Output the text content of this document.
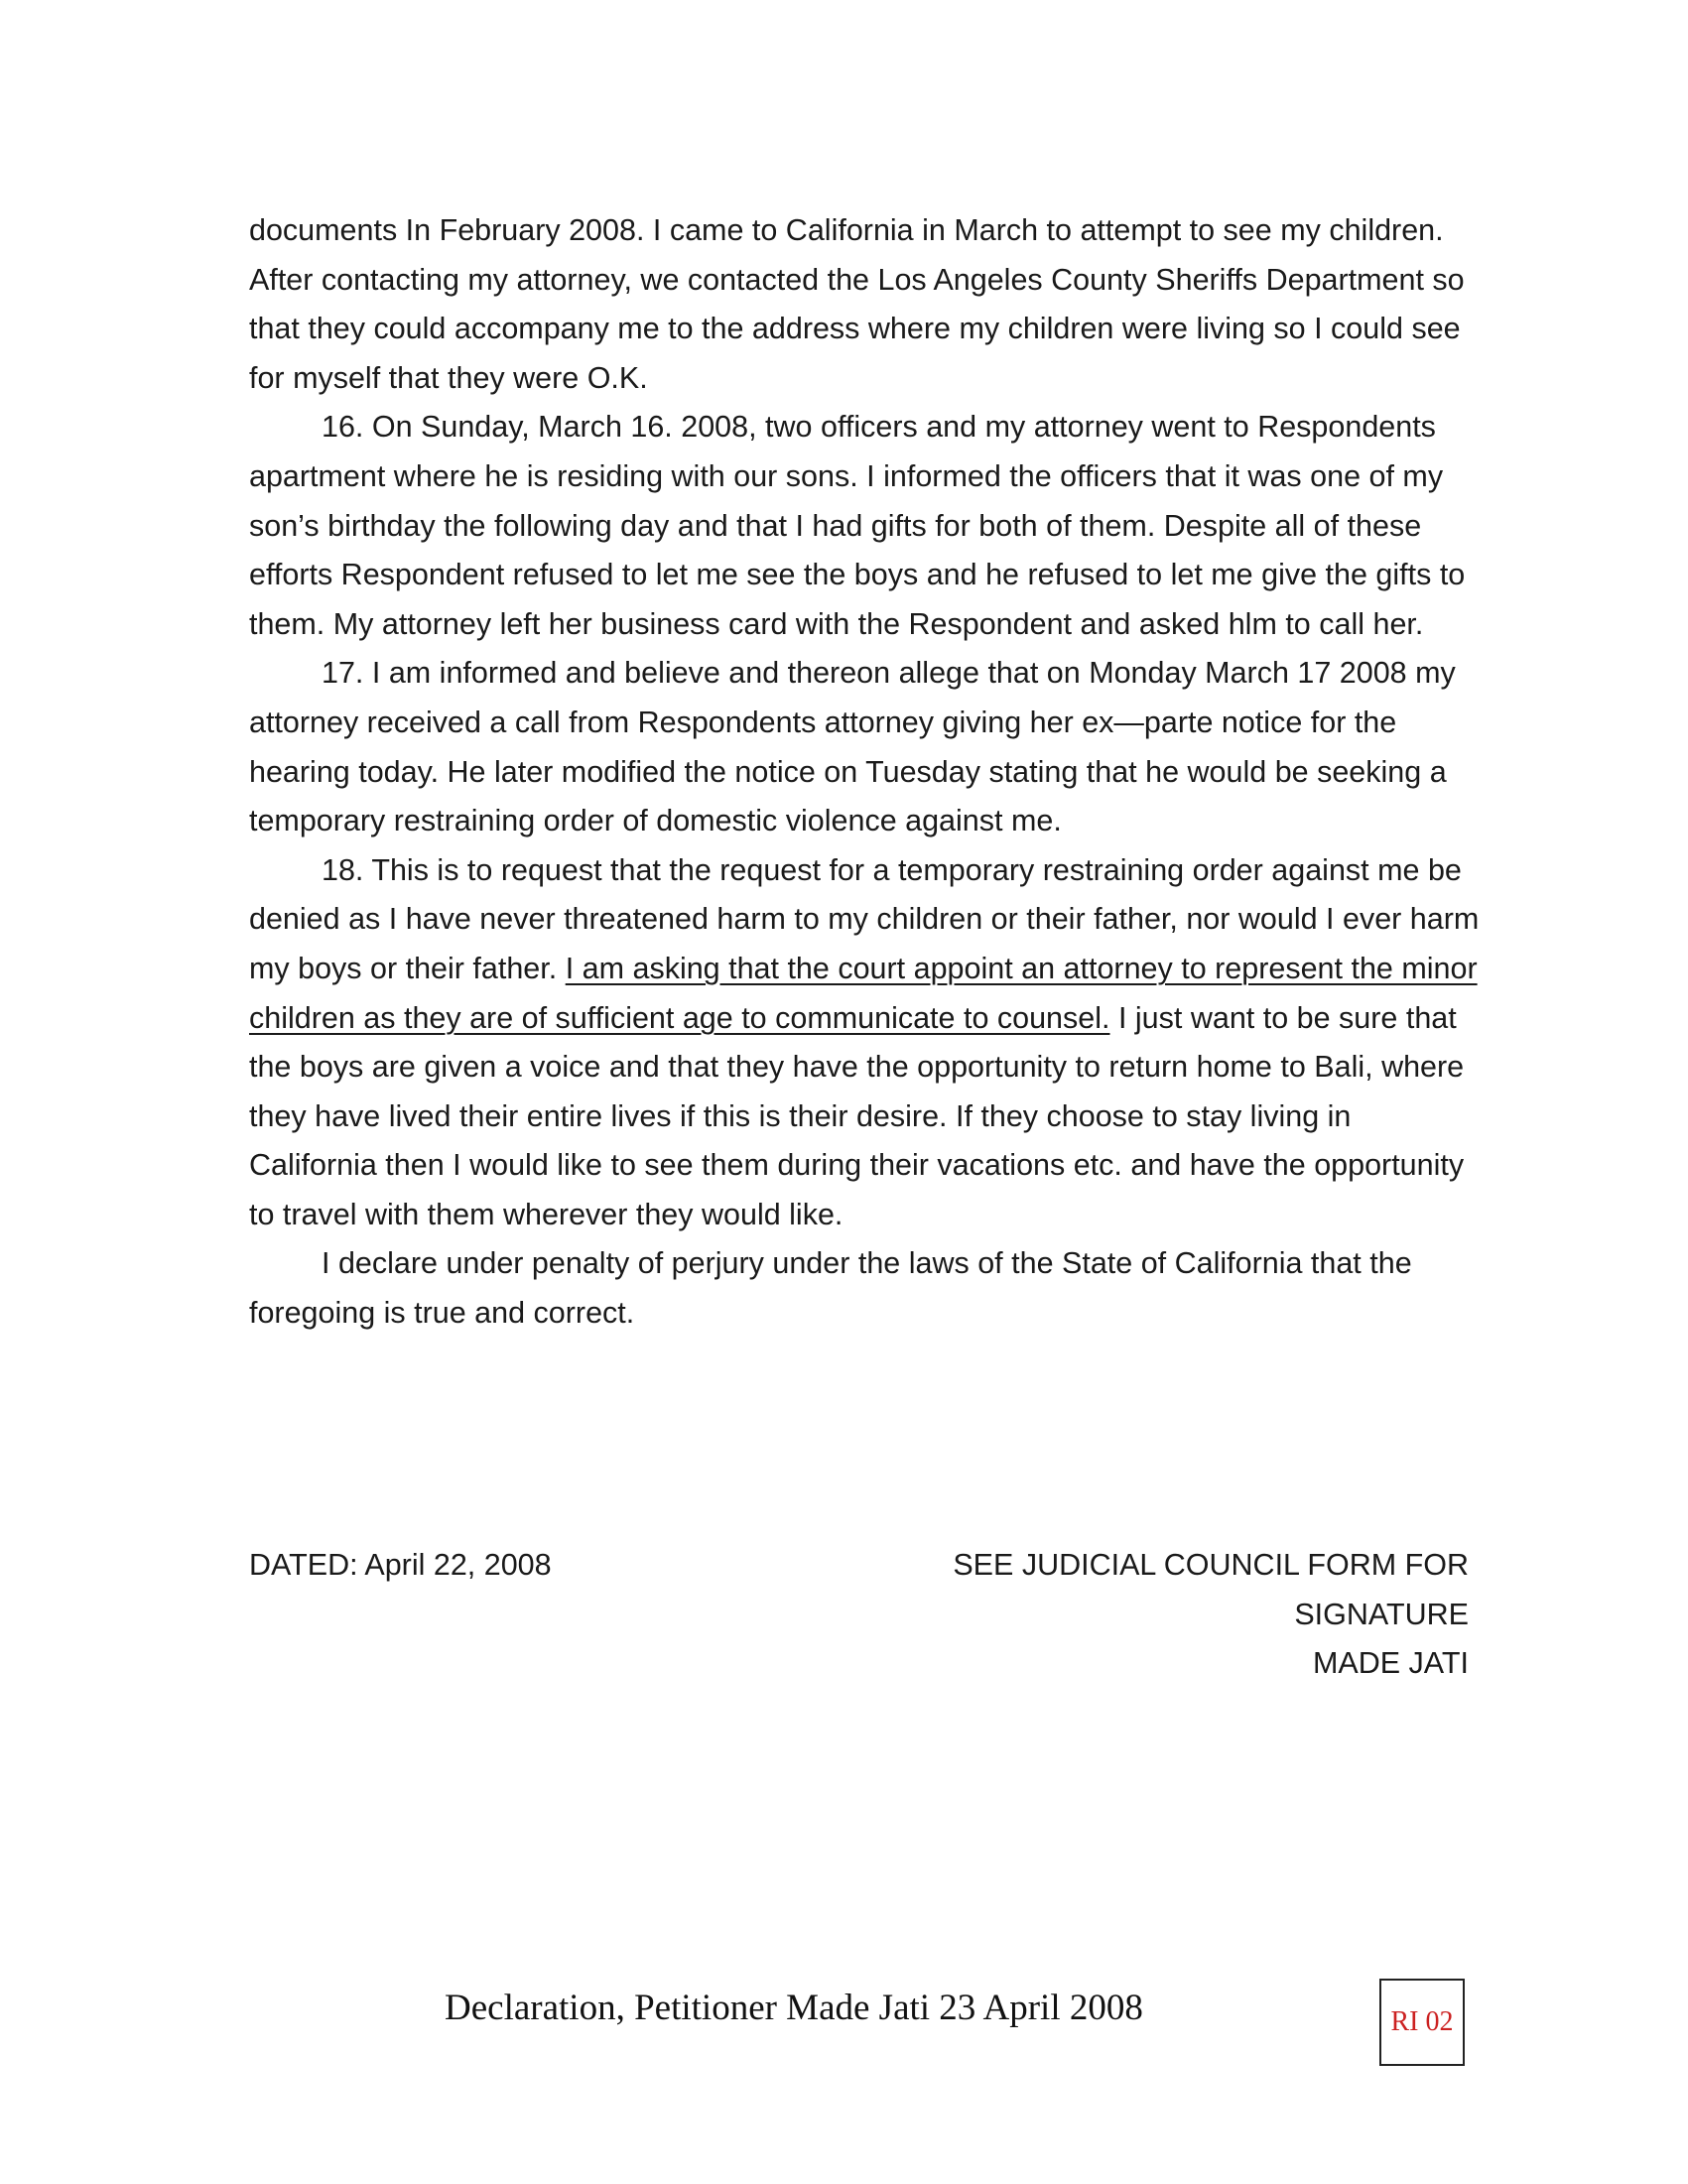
documents In February 2008. I came to California in March to attempt to see my children. After contacting my attorney, we contacted the Los Angeles County Sheriffs Department so that they could accompany me to the address where my children were living so I could see for myself that they were O.K.

16. On Sunday, March 16. 2008, two officers and my attorney went to Respondents apartment where he is residing with our sons. I informed the officers that it was one of my son’s birthday the following day and that I had gifts for both of them. Despite all of these efforts Respondent refused to let me see the boys and he refused to let me give the gifts to them. My attorney left her business card with the Respondent and asked hlm to call her.

17. I am informed and believe and thereon allege that on Monday March 17 2008 my attorney received a call from Respondents attorney giving her ex—parte notice for the hearing today. He later modified the notice on Tuesday stating that he would be seeking a temporary restraining order of domestic violence against me.

18. This is to request that the request for a temporary restraining order against me be denied as I have never threatened harm to my children or their father, nor would I ever harm my boys or their father. I am asking that the court appoint an attorney to represent the minor children as they are of sufficient age to communicate to counsel. I just want to be sure that the boys are given a voice and that they have the opportunity to return home to Bali, where they have lived their entire lives if this is their desire. If they choose to stay living in California then I would like to see them during their vacations etc. and have the opportunity to travel with them wherever they would like.

I declare under penalty of perjury under the laws of the State of California that the foregoing is true and correct.

DATED: April 22, 2008	SEE JUDICIAL COUNCIL FORM FOR
SIGNATURE
MADE JATI
Declaration, Petitioner Made Jati 23 April 2008	RI 02
